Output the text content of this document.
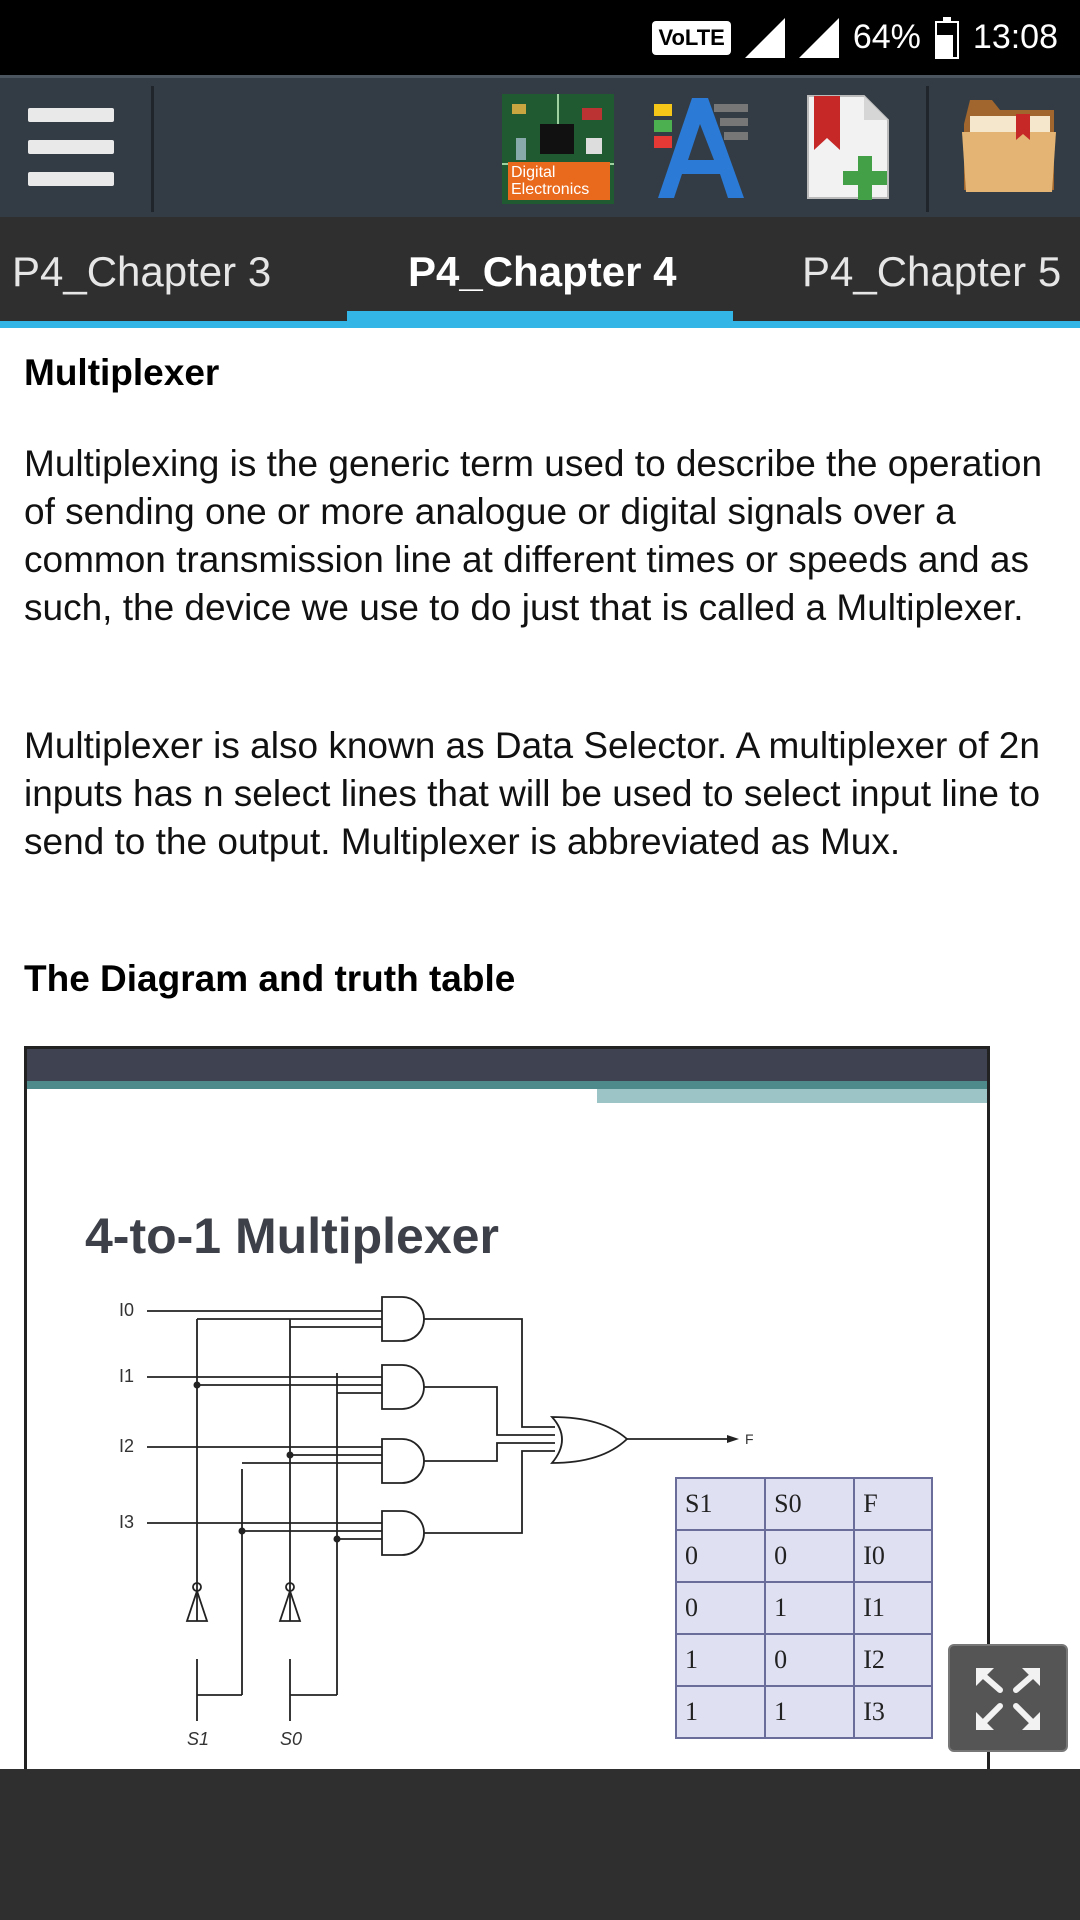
VoLTE	64% 13:08
Digital Electronics
P4_Chapter 3	P4_Chapter 4	P4_Chapter 5
Multiplexer
Multiplexing is the generic term used to describe the operation of sending one or more analogue or digital signals over a common transmission line at different times or speeds and as such, the device we use to do just that is called a Multiplexer.
Multiplexer is also known as Data Selector. A multiplexer of 2n inputs has n select lines that will be used to select input line to send to the output. Multiplexer is abbreviated as Mux.
The Diagram and truth table
4-to-1 Multiplexer
I0
I1
I2
I3
S1	S0
F
S1	S0	F
0	0	I0
0	1	I1
1	0	I2
1	1	I3
